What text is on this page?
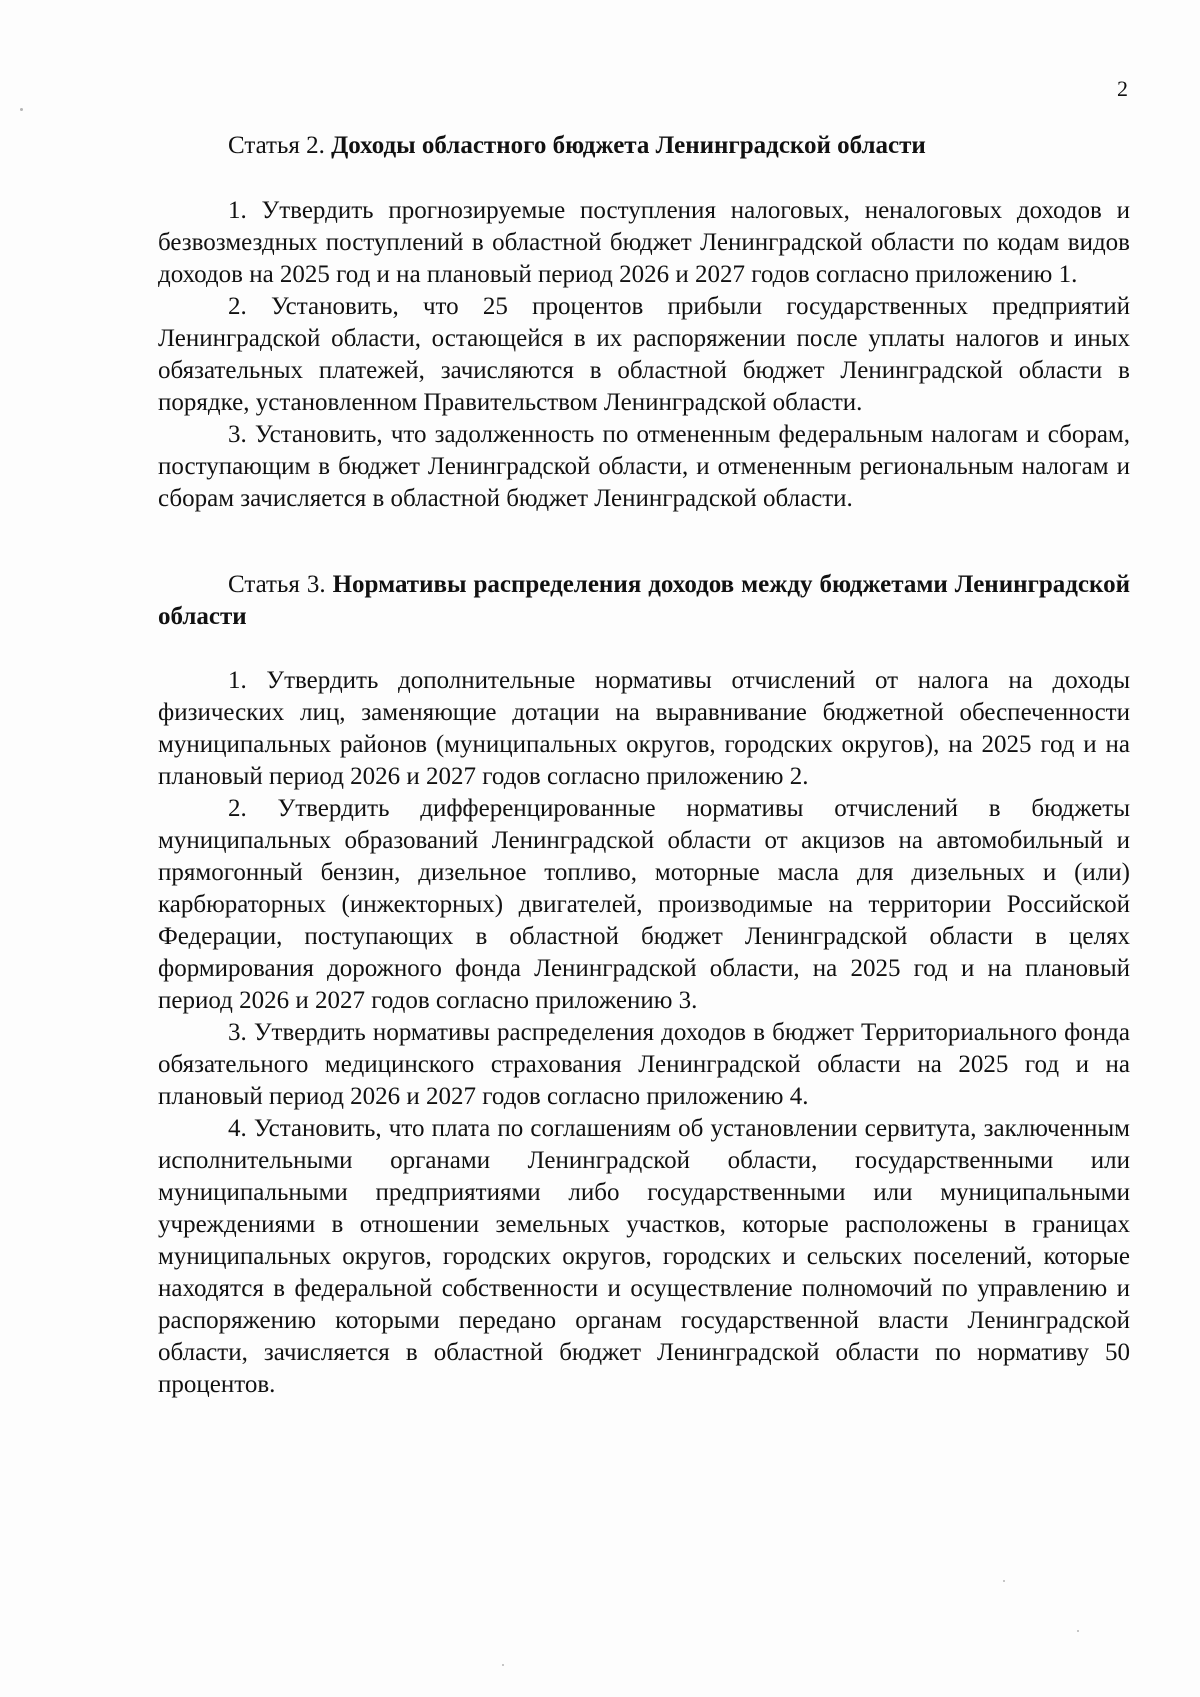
2

Статья 2. Доходы областного бюджета Ленинградской области

1. Утвердить прогнозируемые поступления налоговых, неналоговых доходов и безвозмездных поступлений в областной бюджет Ленинградской области по кодам видов доходов на 2025 год и на плановый период 2026 и 2027 годов согласно приложению 1.

2. Установить, что 25 процентов прибыли государственных предприятий Ленинградской области, остающейся в их распоряжении после уплаты налогов и иных обязательных платежей, зачисляются в областной бюджет Ленинградской области в порядке, установленном Правительством Ленинградской области.

3. Установить, что задолженность по отмененным федеральным налогам и сборам, поступающим в бюджет Ленинградской области, и отмененным региональным налогам и сборам зачисляется в областной бюджет Ленинградской области.

Статья 3. Нормативы распределения доходов между бюджетами Ленинградской области

1. Утвердить дополнительные нормативы отчислений от налога на доходы физических лиц, заменяющие дотации на выравнивание бюджетной обеспеченности муниципальных районов (муниципальных округов, городских округов), на 2025 год и на плановый период 2026 и 2027 годов согласно приложению 2.

2. Утвердить дифференцированные нормативы отчислений в бюджеты муниципальных образований Ленинградской области от акцизов на автомобильный и прямогонный бензин, дизельное топливо, моторные масла для дизельных и (или) карбюраторных (инжекторных) двигателей, производимые на территории Российской Федерации, поступающих в областной бюджет Ленинградской области в целях формирования дорожного фонда Ленинградской области, на 2025 год и на плановый период 2026 и 2027 годов согласно приложению 3.

3. Утвердить нормативы распределения доходов в бюджет Территориального фонда обязательного медицинского страхования Ленинградской области на 2025 год и на плановый период 2026 и 2027 годов согласно приложению 4.

4. Установить, что плата по соглашениям об установлении сервитута, заключенным исполнительными органами Ленинградской области, государственными или муниципальными предприятиями либо государственными или муниципальными учреждениями в отношении земельных участков, которые расположены в границах муниципальных округов, городских округов, городских и сельских поселений, которые находятся в федеральной собственности и осуществление полномочий по управлению и распоряжению которыми передано органам государственной власти Ленинградской области, зачисляется в областной бюджет Ленинградской области по нормативу 50 процентов.
